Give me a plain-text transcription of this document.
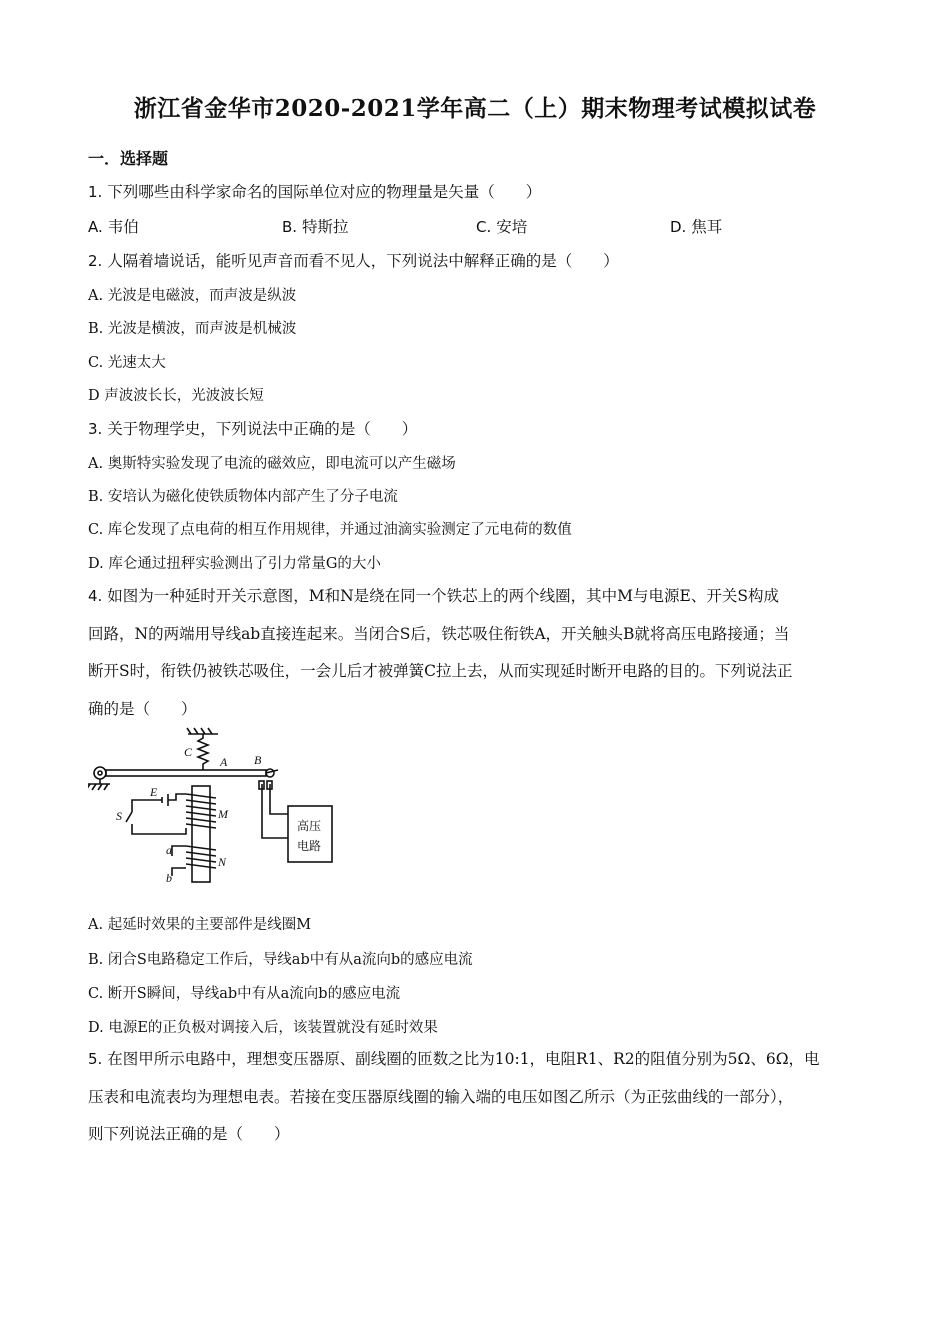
浙江省金华市2020-2021学年高二（上）期末物理考试模拟试卷
一．选择题
1. 下列哪些由科学家命名的国际单位对应的物理量是矢量（　　）
A. 韦伯	B. 特斯拉	C. 安培	D. 焦耳
2. 人隔着墙说话，能听见声音而看不见人，下列说法中解释正确的是（　　）
A. 光波是电磁波，而声波是纵波
B. 光波是横波，而声波是机械波
C. 光速太大
D 声波波长长，光波波长短
3. 关于物理学史，下列说法中正确的是（　　）
A. 奥斯特实验发现了电流的磁效应，即电流可以产生磁场
B. 安培认为磁化使铁质物体内部产生了分子电流
C. 库仑发现了点电荷的相互作用规律，并通过油滴实验测定了元电荷的数值
D. 库仑通过扭秤实验测出了引力常量G的大小
4. 如图为一种延时开关示意图，M和N是绕在同一个铁芯上的两个线圈，其中M与电源E、开关S构成
回路，N的两端用导线ab直接连起来。当闭合S后，铁芯吸住衔铁A，开关触头B就将高压电路接通；当
断开S时，衔铁仍被铁芯吸住，一会儿后才被弹簧C拉上去，从而实现延时断开电路的目的。下列说法正
确的是（　　）
C
A B
E
S	M
N
a
b
高压
电路
A. 起延时效果的主要部件是线圈M
B. 闭合S电路稳定工作后，导线ab中有从a流向b的感应电流
C. 断开S瞬间，导线ab中有从a流向b的感应电流
D. 电源E的正负极对调接入后，该装置就没有延时效果
5. 在图甲所示电路中，理想变压器原、副线圈的匝数之比为10:1，电阻R1、R2的阻值分别为5Ω、6Ω，电
压表和电流表均为理想电表。若接在变压器原线圈的输入端的电压如图乙所示（为正弦曲线的一部分），
则下列说法正确的是（　　）
